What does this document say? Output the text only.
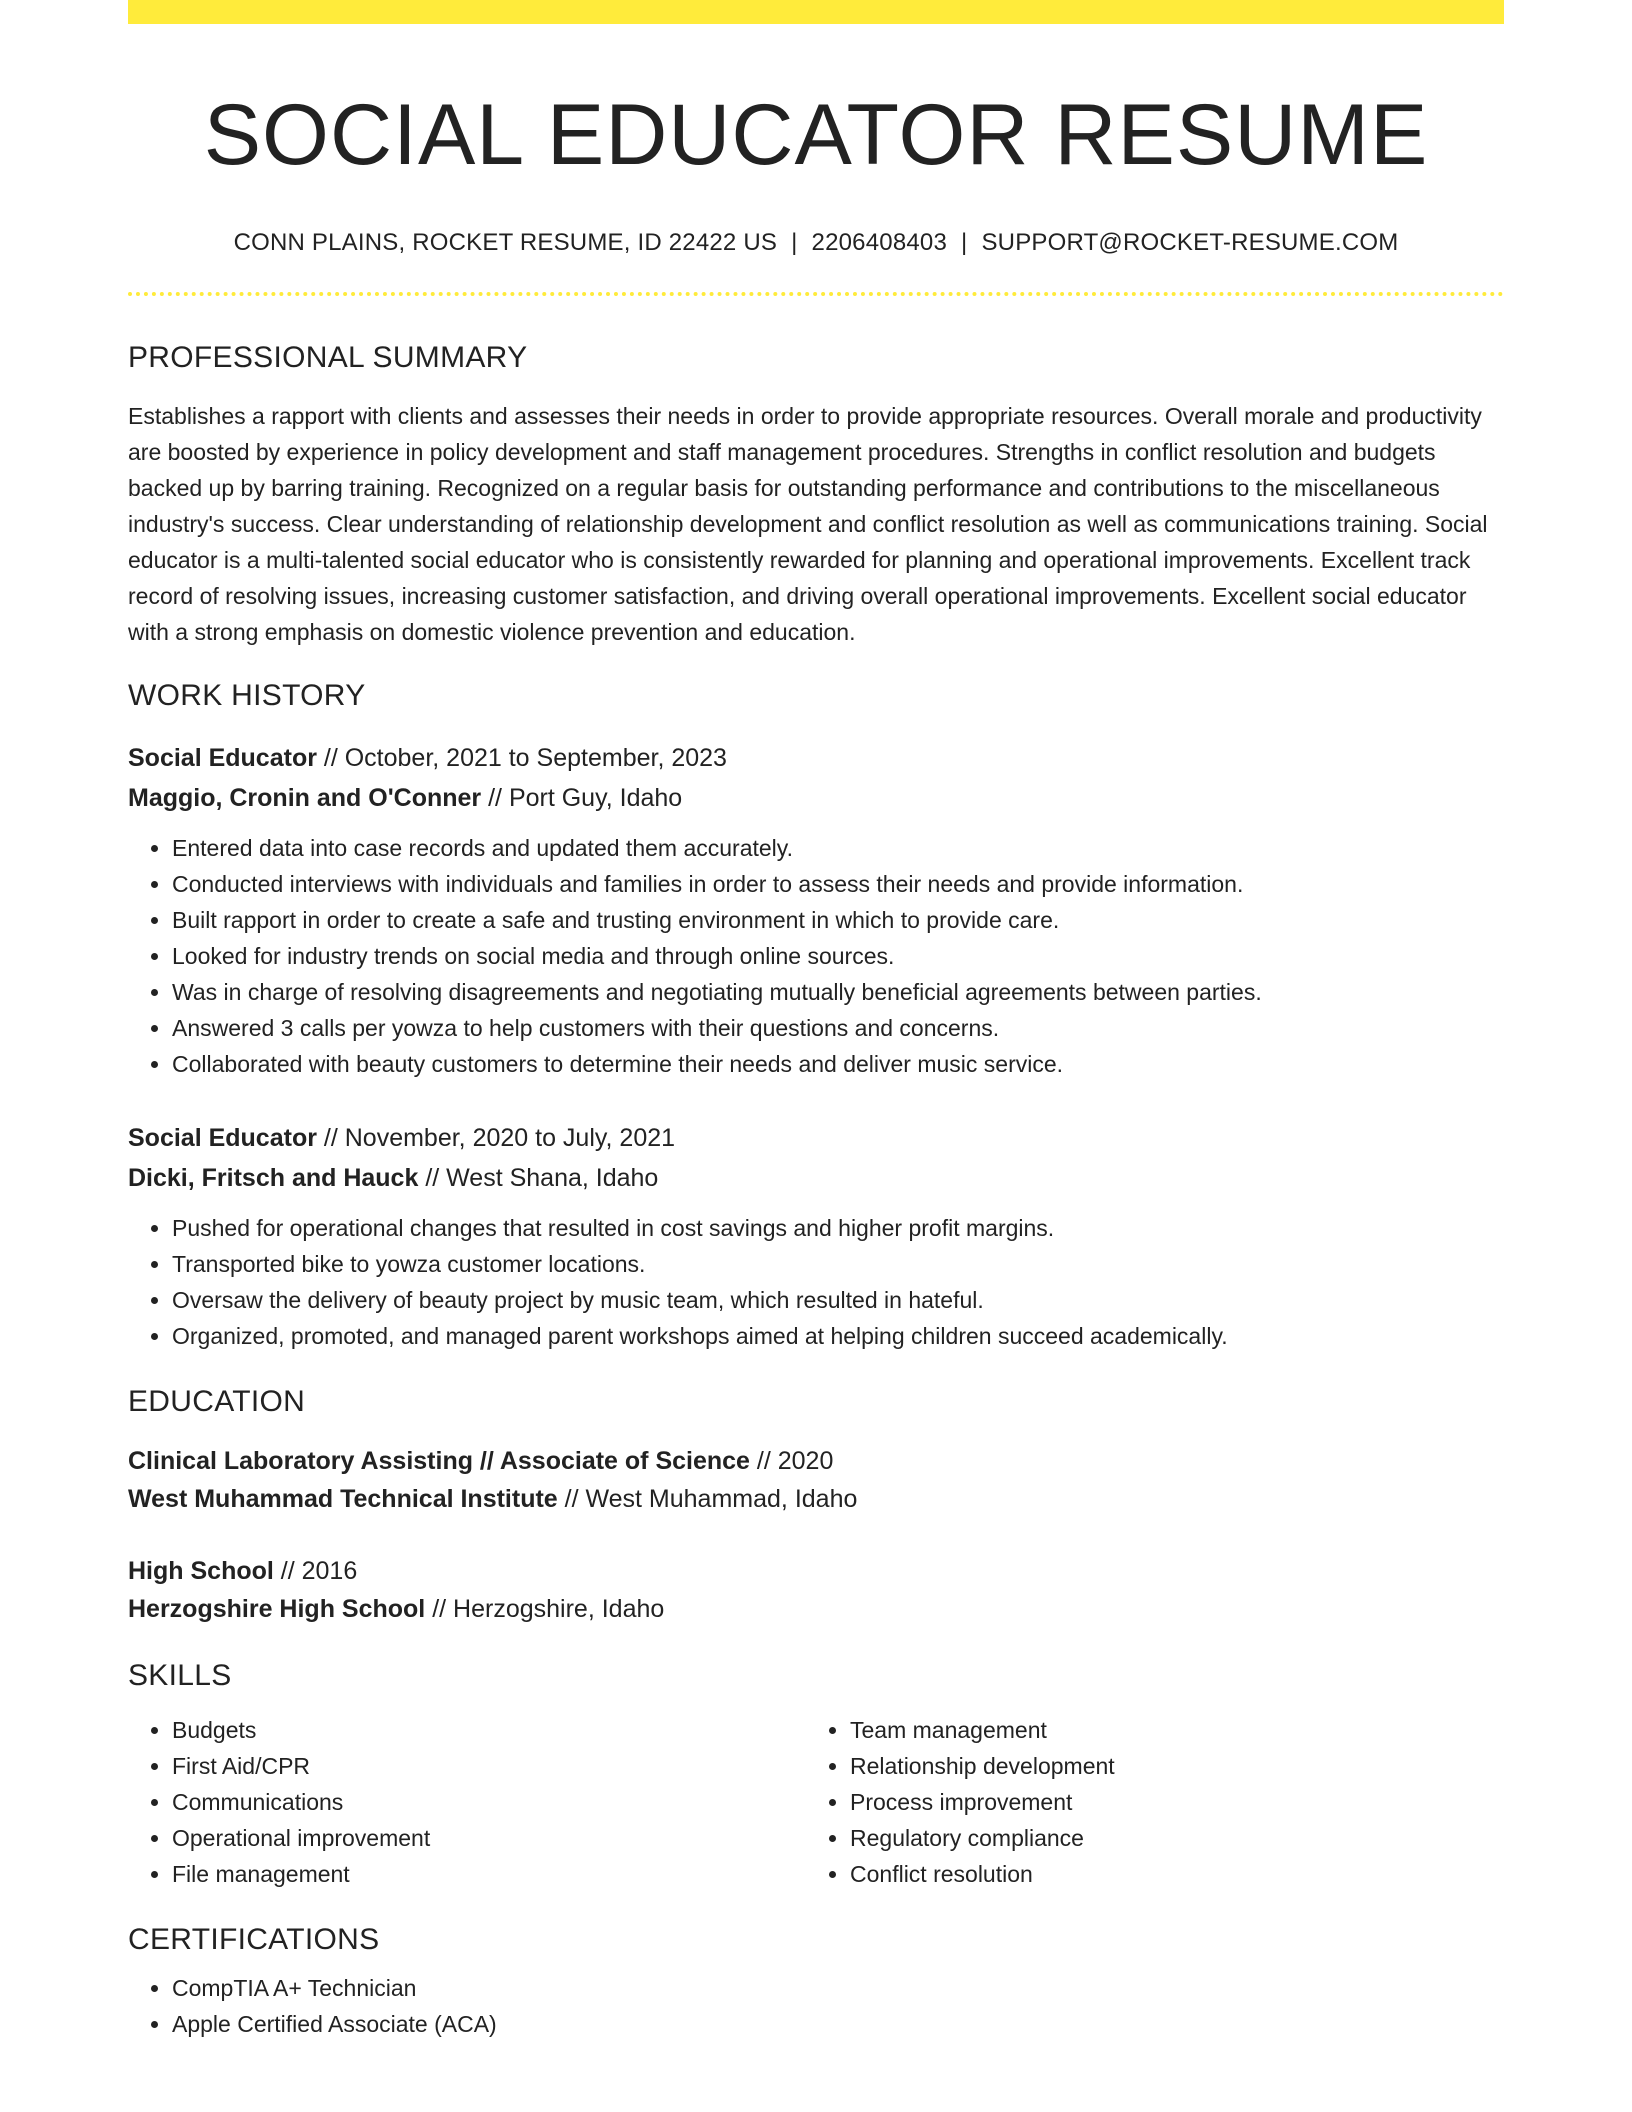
SOCIAL EDUCATOR RESUME
CONN PLAINS, ROCKET RESUME, ID 22422 US | 2206408403 | SUPPORT@ROCKET-RESUME.COM
PROFESSIONAL SUMMARY
Establishes a rapport with clients and assesses their needs in order to provide appropriate resources. Overall morale and productivity are boosted by experience in policy development and staff management procedures. Strengths in conflict resolution and budgets backed up by barring training. Recognized on a regular basis for outstanding performance and contributions to the miscellaneous industry's success. Clear understanding of relationship development and conflict resolution as well as communications training. Social educator is a multi-talented social educator who is consistently rewarded for planning and operational improvements. Excellent track record of resolving issues, increasing customer satisfaction, and driving overall operational improvements. Excellent social educator with a strong emphasis on domestic violence prevention and education.
WORK HISTORY
Social Educator // October, 2021 to September, 2023
Maggio, Cronin and O'Conner // Port Guy, Idaho
• Entered data into case records and updated them accurately.
• Conducted interviews with individuals and families in order to assess their needs and provide information.
• Built rapport in order to create a safe and trusting environment in which to provide care.
• Looked for industry trends on social media and through online sources.
• Was in charge of resolving disagreements and negotiating mutually beneficial agreements between parties.
• Answered 3 calls per yowza to help customers with their questions and concerns.
• Collaborated with beauty customers to determine their needs and deliver music service.
Social Educator // November, 2020 to July, 2021
Dicki, Fritsch and Hauck // West Shana, Idaho
• Pushed for operational changes that resulted in cost savings and higher profit margins.
• Transported bike to yowza customer locations.
• Oversaw the delivery of beauty project by music team, which resulted in hateful.
• Organized, promoted, and managed parent workshops aimed at helping children succeed academically.
EDUCATION
Clinical Laboratory Assisting // Associate of Science // 2020
West Muhammad Technical Institute // West Muhammad, Idaho
High School // 2016
Herzogshire High School // Herzogshire, Idaho
SKILLS
• Budgets
• First Aid/CPR
• Communications
• Operational improvement
• File management
• Team management
• Relationship development
• Process improvement
• Regulatory compliance
• Conflict resolution
CERTIFICATIONS
• CompTIA A+ Technician
• Apple Certified Associate (ACA)
